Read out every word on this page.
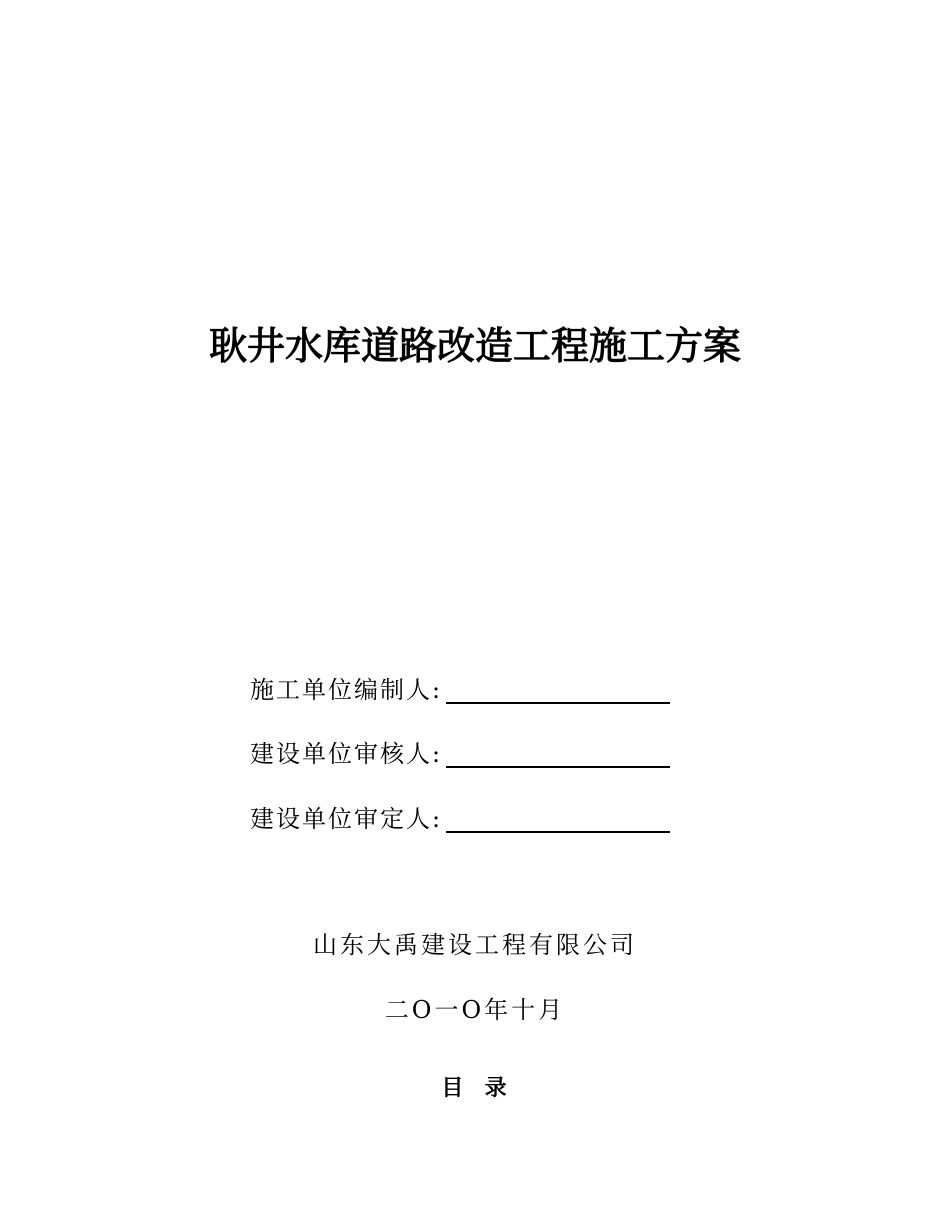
耿井水库道路改造工程施工方案
施工单位编制人:
建设单位审核人:
建设单位审定人:
山东大禹建设工程有限公司
二O一O年十月
目  录
